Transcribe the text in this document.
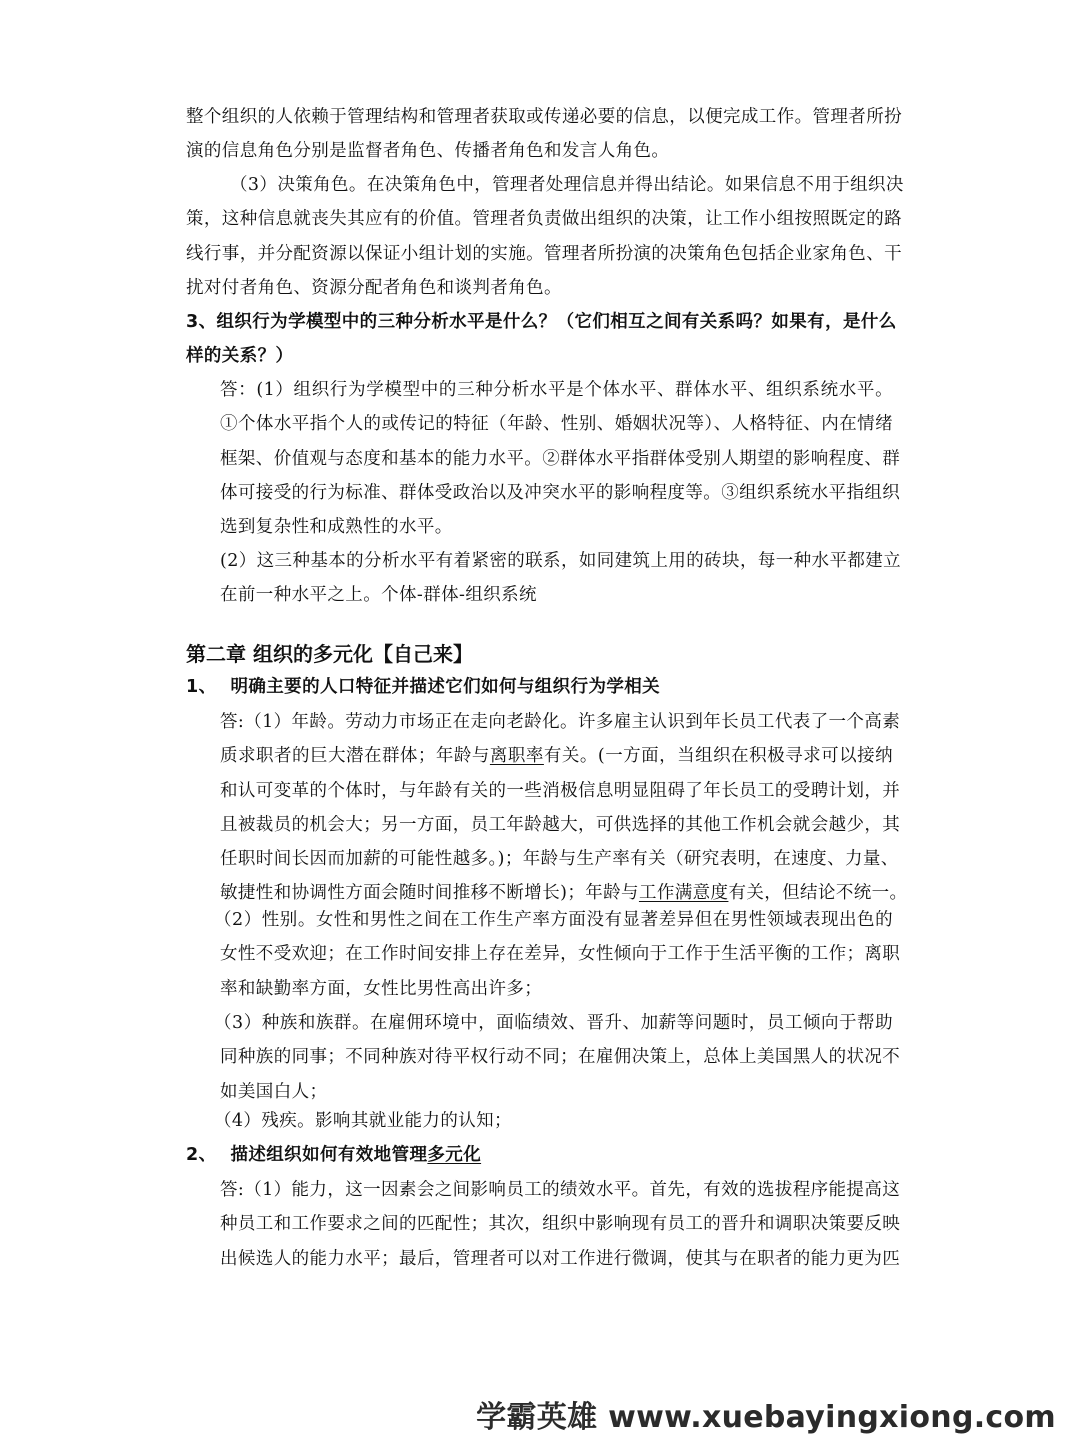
整个组织的人依赖于管理结构和管理者获取或传递必要的信息，以便完成工作。管理者所扮
演的信息角色分别是监督者角色、传播者角色和发言人角色。
（3）决策角色。在决策角色中，管理者处理信息并得出结论。如果信息不用于组织决
策，这种信息就丧失其应有的价值。管理者负责做出组织的决策，让工作小组按照既定的路
线行事，并分配资源以保证小组计划的实施。管理者所扮演的决策角色包括企业家角色、干
扰对付者角色、资源分配者角色和谈判者角色。
3、组织行为学模型中的三种分析水平是什么？（它们相互之间有关系吗？如果有，是什么
样的关系？）
答：(1）组织行为学模型中的三种分析水平是个体水平、群体水平、组织系统水平。
①个体水平指个人的或传记的特征（年龄、性别、婚姻状况等）、人格特征、内在情绪
框架、价值观与态度和基本的能力水平。②群体水平指群体受别人期望的影响程度、群
体可接受的行为标准、群体受政治以及冲突水平的影响程度等。③组织系统水平指组织
选到复杂性和成熟性的水平。
(2）这三种基本的分析水平有着紧密的联系，如同建筑上用的砖块，每一种水平都建立
在前一种水平之上。个体-群体-组织系统
第二章 组织的多元化【自己来】
1、 明确主要的人口特征并描述它们如何与组织行为学相关
答:（1）年龄。劳动力市场正在走向老龄化。许多雇主认识到年长员工代表了一个高素
质求职者的巨大潜在群体；年龄与离职率有关。(一方面，当组织在积极寻求可以接纳
和认可变革的个体时，与年龄有关的一些消极信息明显阻碍了年长员工的受聘计划，并
且被裁员的机会大；另一方面，员工年龄越大，可供选择的其他工作机会就会越少，其
任职时间长因而加薪的可能性越多。)；年龄与生产率有关（研究表明，在速度、力量、
敏捷性和协调性方面会随时间推移不断增长)；年龄与工作满意度有关，但结论不统一。
（2）性别。女性和男性之间在工作生产率方面没有显著差异但在男性领域表现出色的
女性不受欢迎；在工作时间安排上存在差异，女性倾向于工作于生活平衡的工作；离职
率和缺勤率方面，女性比男性高出许多；
（3）种族和族群。在雇佣环境中，面临绩效、晋升、加薪等问题时，员工倾向于帮助
同种族的同事；不同种族对待平权行动不同；在雇佣决策上，总体上美国黑人的状况不
如美国白人；
（4）残疾。影响其就业能力的认知；
2、 描述组织如何有效地管理多元化
答:（1）能力，这一因素会之间影响员工的绩效水平。首先，有效的选拔程序能提高这
种员工和工作要求之间的匹配性；其次，组织中影响现有员工的晋升和调职决策要反映
出候选人的能力水平；最后，管理者可以对工作进行微调，使其与在职者的能力更为匹
学霸英雄 www.xuebayingxiong.com
